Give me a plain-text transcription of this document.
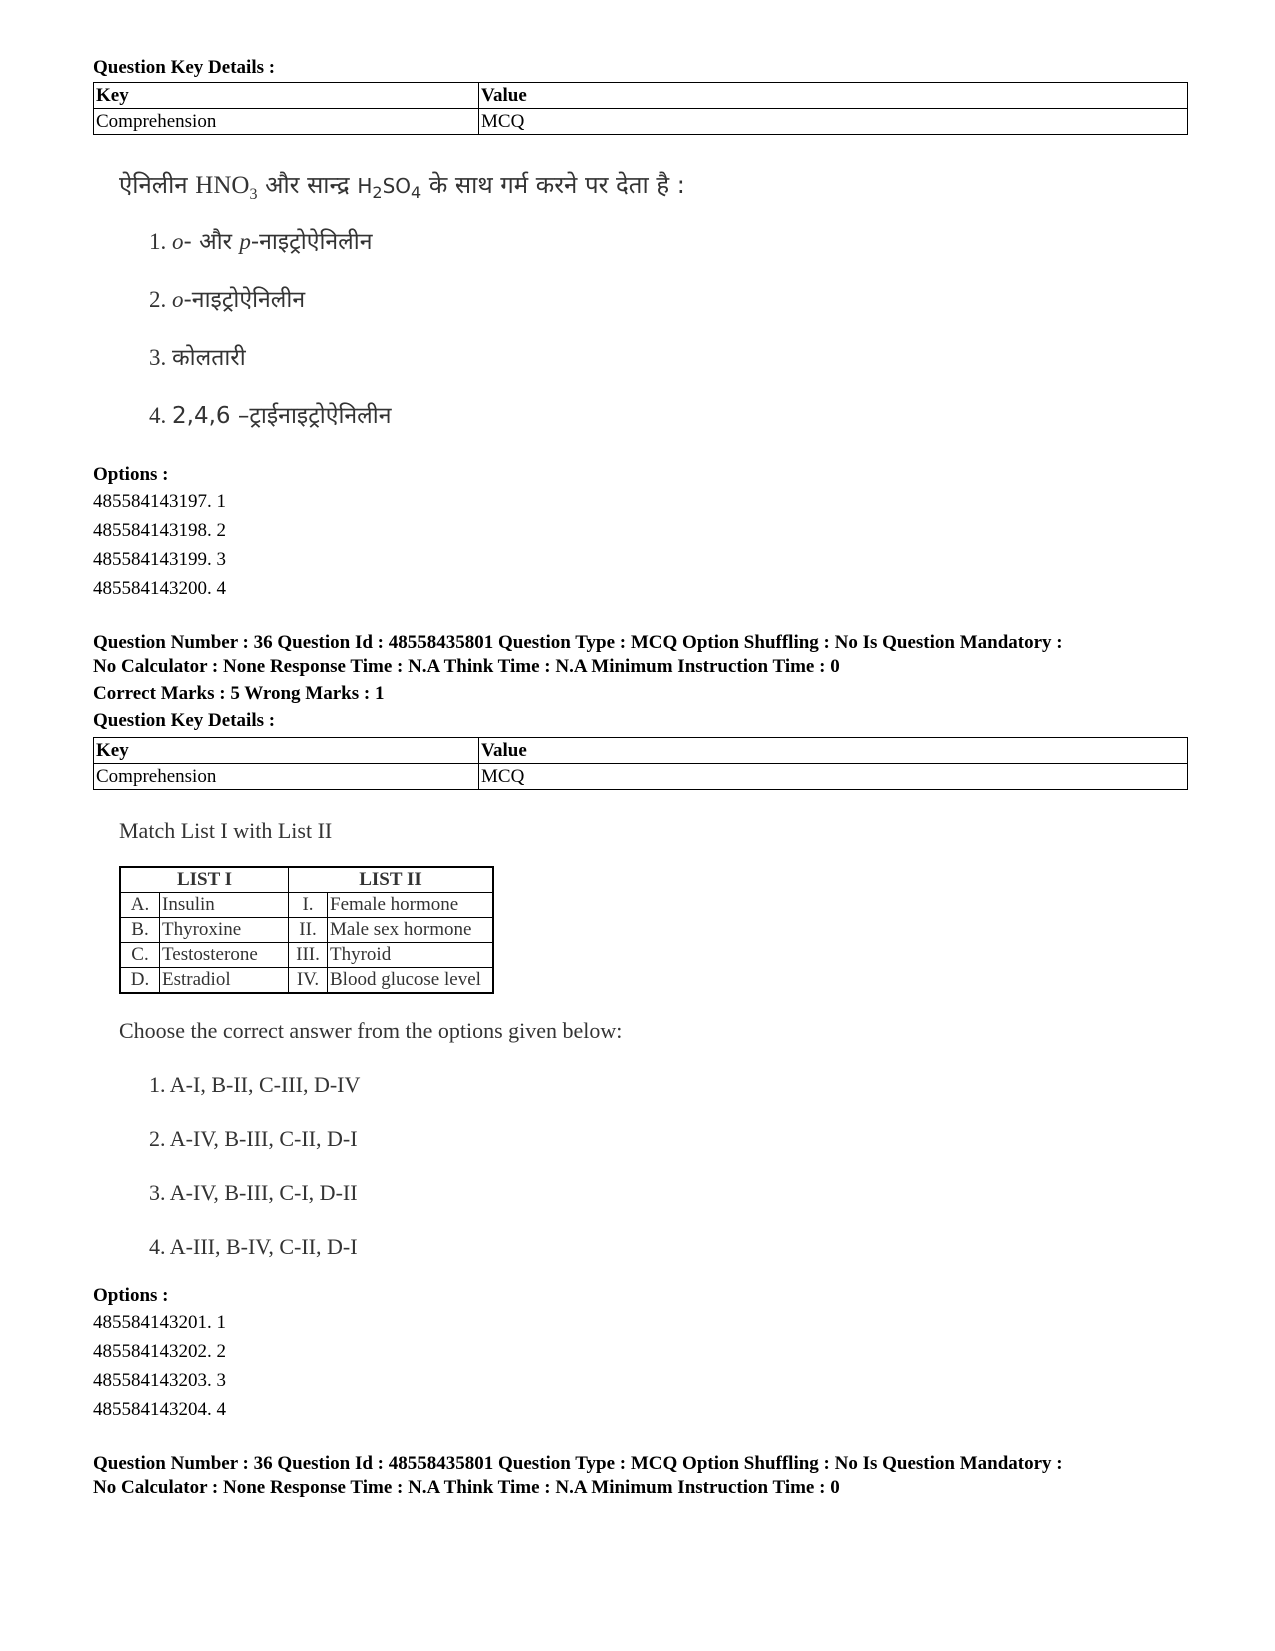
Question Key Details :
Key	Value
Comprehension	MCQ
ऐनिलीन $HNO_3$ और सान्द्र $H_2SO_4$ के साथ गर्म करने पर देता है :
1. o- और p-नाइट्रोऐनिलीन
2. o-नाइट्रोऐनिलीन
3. कोलतारी
4. 2,4,6 –ट्राईनाइट्रोऐनिलीन
Options :
485584143197. 1
485584143198. 2
485584143199. 3
485584143200. 4
Question Number : 36 Question Id : 48558435801 Question Type : MCQ Option Shuffling : No Is Question Mandatory :
No Calculator : None Response Time : N.A Think Time : N.A Minimum Instruction Time : 0
Correct Marks : 5 Wrong Marks : 1
Question Key Details :
Key	Value
Comprehension	MCQ
Match List I with List II
LIST I		LIST II	
A.	Insulin	I.	Female hormone
B.	Thyroxine	II.	Male sex hormone
C.	Testosterone	III.	Thyroid
D.	Estradiol	IV.	Blood glucose level
Choose the correct answer from the options given below:
1. A-I, B-II, C-III, D-IV
2. A-IV, B-III, C-II, D-I
3. A-IV, B-III, C-I, D-II
4. A-III, B-IV, C-II, D-I
Options :
485584143201. 1
485584143202. 2
485584143203. 3
485584143204. 4
Question Number : 36 Question Id : 48558435801 Question Type : MCQ Option Shuffling : No Is Question Mandatory :
No Calculator : None Response Time : N.A Think Time : N.A Minimum Instruction Time : 0
